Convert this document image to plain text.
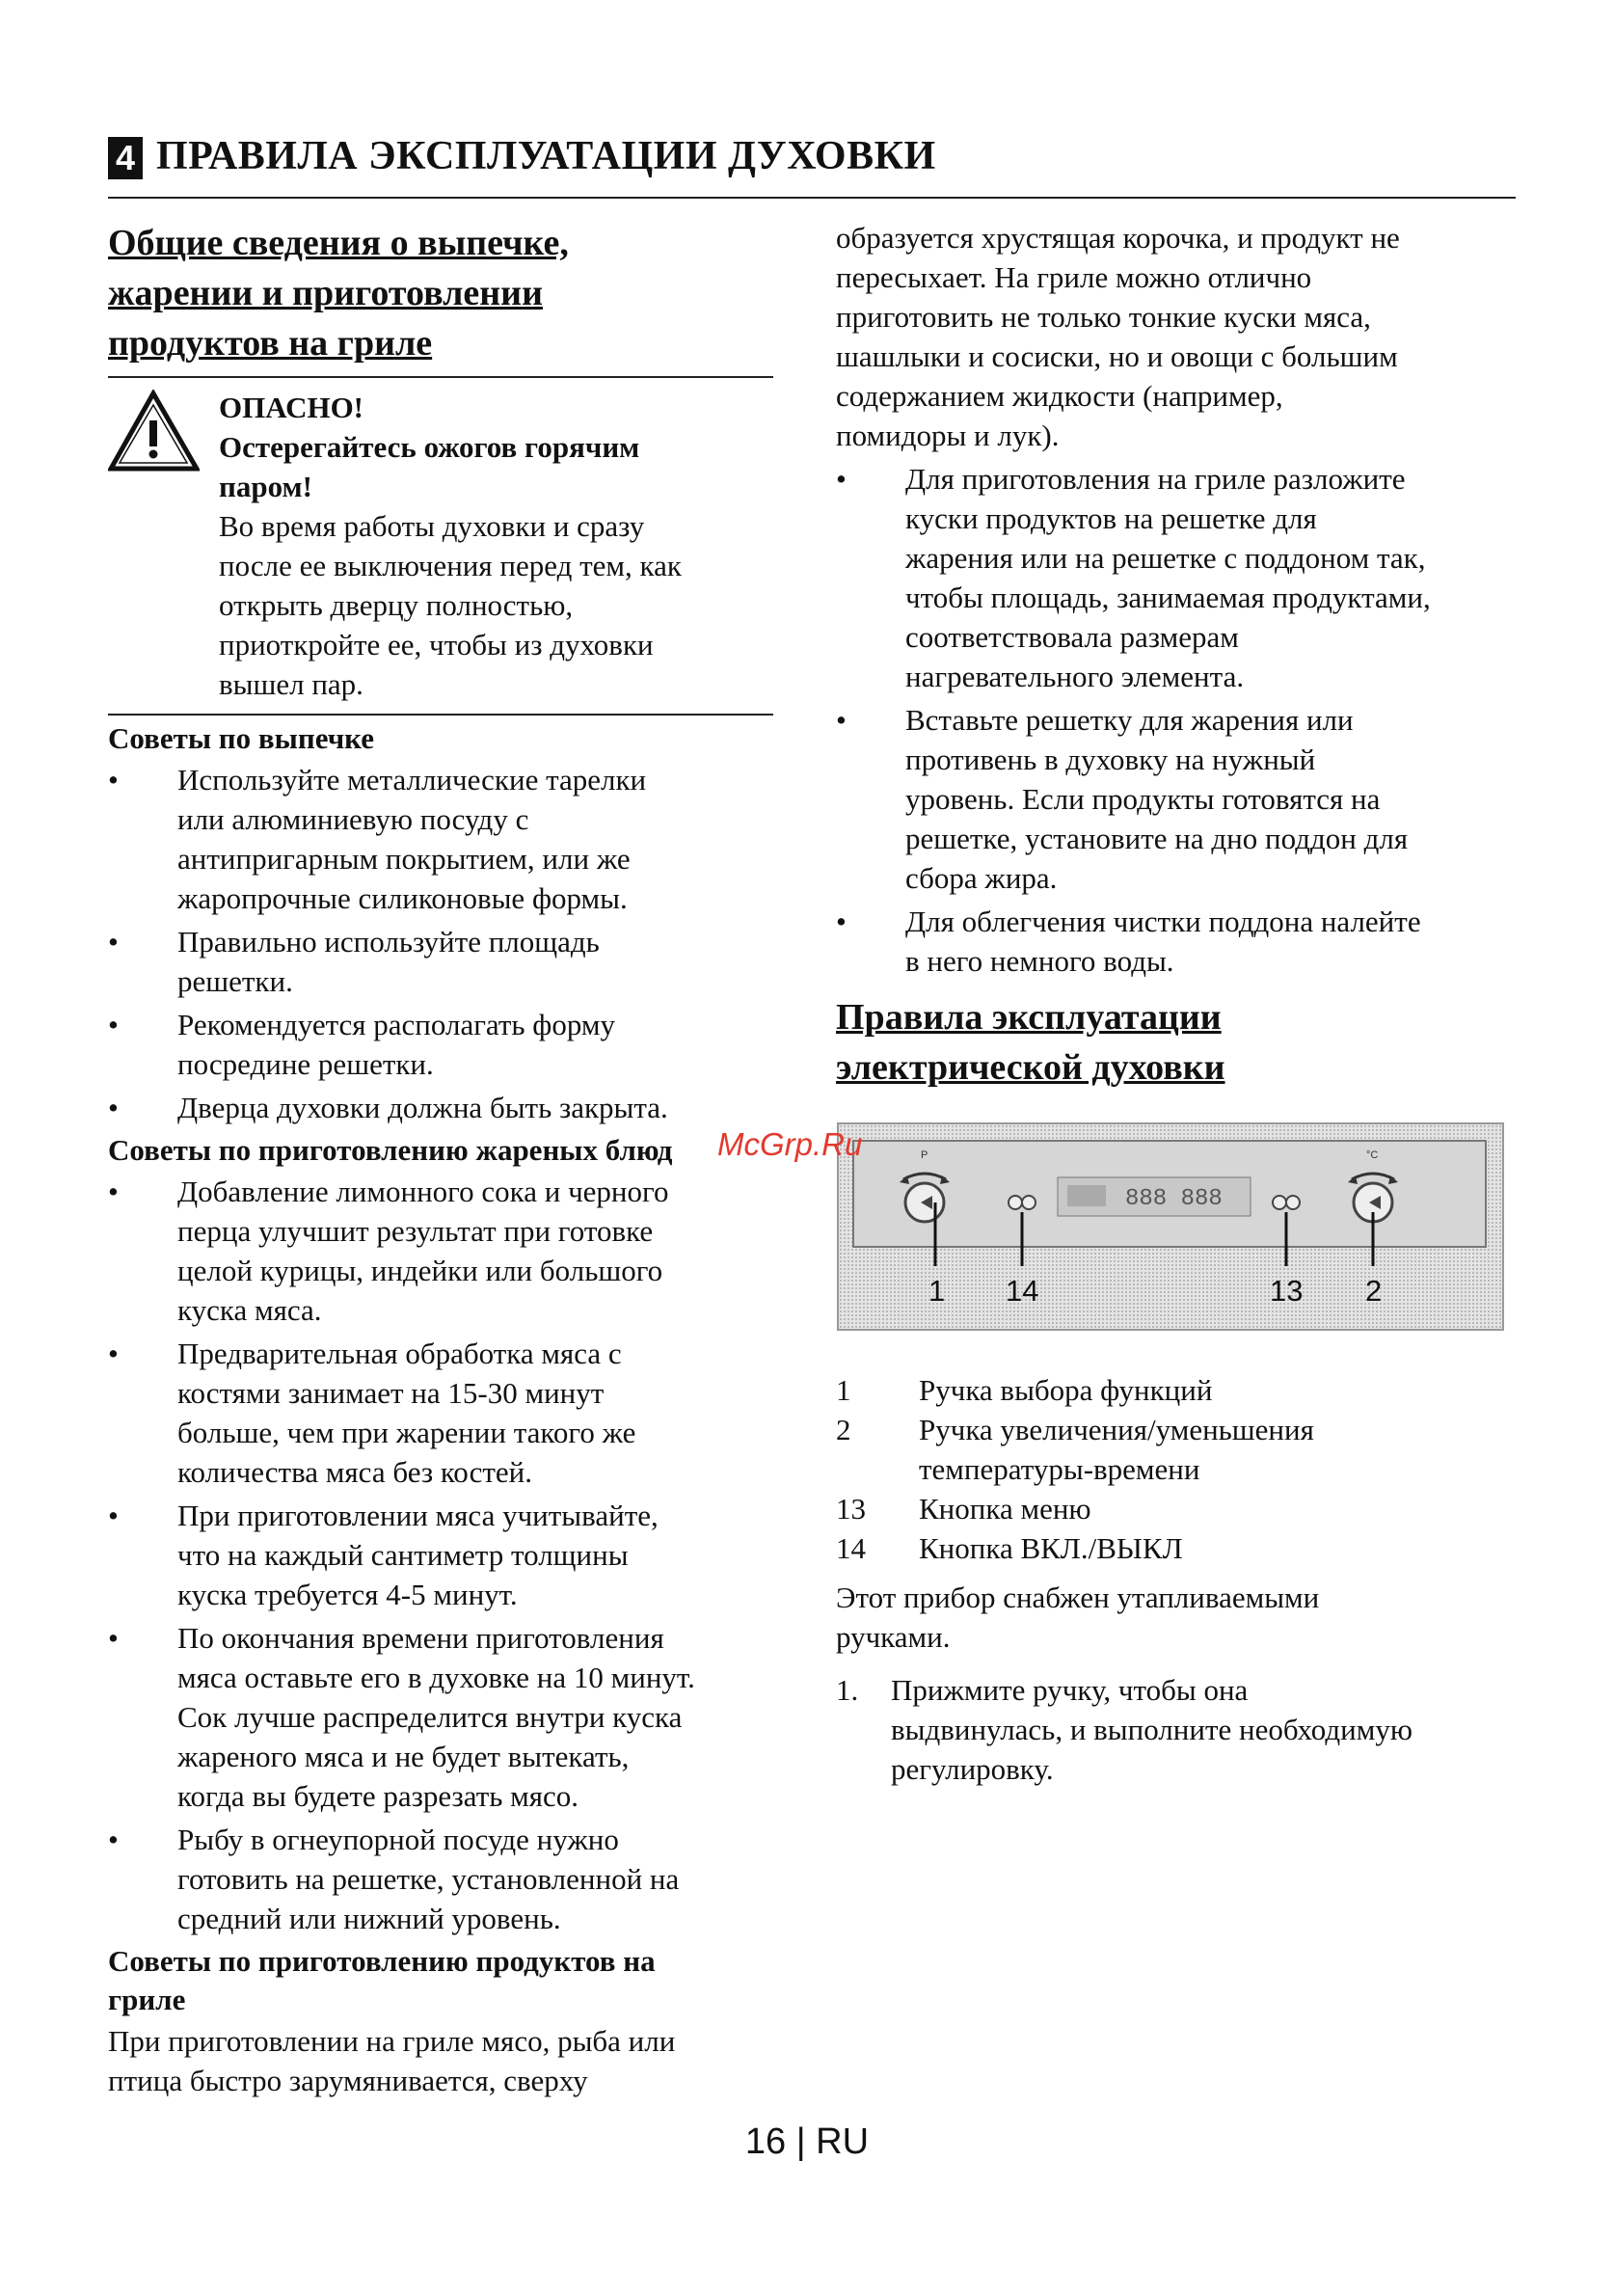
4 ПРАВИЛА ЭКСПЛУАТАЦИИ ДУХОВКИ
Общие сведения о выпечке,
жарении и приготовлении
продуктов на гриле
ОПАСНО!
Остерегайтесь ожогов горячим
паром!
Во время работы духовки и сразу
после ее выключения перед тем, как
открыть дверцу полностью,
приоткройте ее, чтобы из духовки
вышел пар.
Советы по выпечке
• Используйте металлические тарелки
или алюминиевую посуду с
антипригарным покрытием, или же
жаропрочные силиконовые формы.
• Правильно используйте площадь
решетки.
• Рекомендуется располагать форму
посредине решетки.
• Дверца духовки должна быть закрыта.
Советы по приготовлению жареных блюд
• Добавление лимонного сока и черного
перца улучшит результат при готовке
целой курицы, индейки или большого
куска мяса.
• Предварительная обработка мяса с
костями занимает на 15-30 минут
больше, чем при жарении такого же
количества мяса без костей.
• При приготовлении мяса учитывайте,
что на каждый сантиметр толщины
куска требуется 4-5 минут.
• По окончания времени приготовления
мяса оставьте его в духовке на 10 минут.
Сок лучше распределится внутри куска
жареного мяса и не будет вытекать,
когда вы будете разрезать мясо.
• Рыбу в огнеупорной посуде нужно
готовить на решетке, установленной на
средний или нижний уровень.
Советы по приготовлению продуктов на
гриле

При приготовлении на гриле мясо, рыба или
птица быстро зарумянивается, сверху

образуется хрустящая корочка, и продукт не
пересыхает. На гриле можно отлично
приготовить не только тонкие куски мяса,
шашлыки и сосиски, но и овощи с большим
содержанием жидкости (например,
помидоры и лук).

• Для приготовления на гриле разложите
куски продуктов на решетке для
жарения или на решетке с поддоном так,
чтобы площадь, занимаемая продуктами,
соответствовала размерам
нагревательного элемента.
• Вставьте решетку для жарения или
противень в духовку на нужный
уровень. Если продукты готовятся на
решетке, установите на дно поддон для
сбора жира.
• Для облегчения чистки поддона налейте
в него немного воды.
Правила эксплуатации
электрической духовки
P
888 888
°C
1 14	13 2
1	Ручка выбора функций
2	Ручка увеличения/уменьшения
температуры-времени
13	Кнопка меню
14	Кнопка ВКЛ./ВЫКЛ

Этот прибор снабжен утапливаемыми
ручками.

1. Прижмите ручку, чтобы она
выдвинулась, и выполните необходимую
регулировку.
McGrp.Ru
16 | RU
